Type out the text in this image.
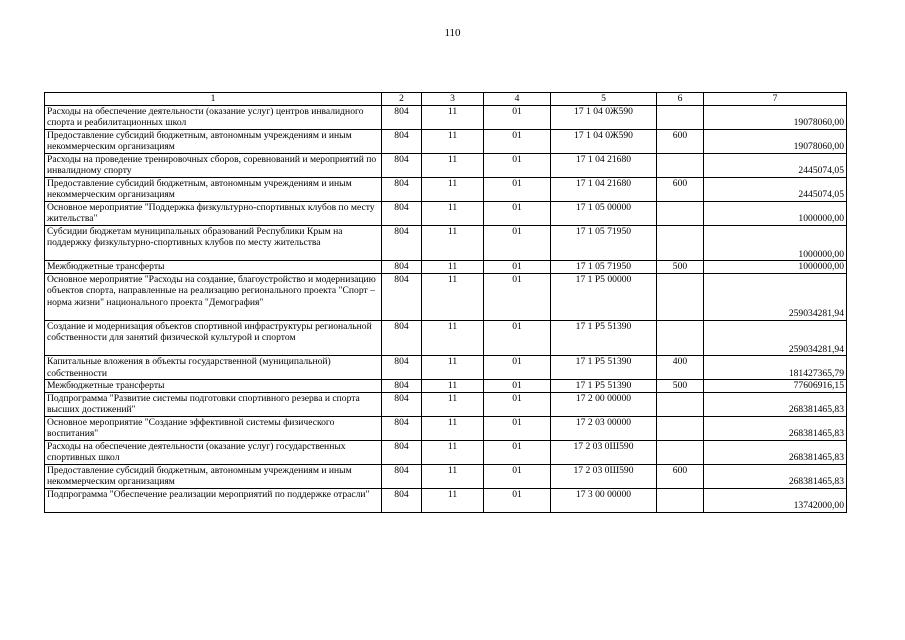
110
1	2	3	4	5	6	7
Расходы на обеспечение деятельности (оказание услуг) центров инвалидного спорта и реабилитационных школ	804	11	01	17 1 04 0Ж590		19078060,00
Предоставление субсидий бюджетным, автономным учреждениям и иным некоммерческим организациям	804	11	01	17 1 04 0Ж590	600	19078060,00
Расходы на проведение тренировочных сборов, соревнований и мероприятий по инвалидному спорту	804	11	01	17 1 04 21680		2445074,05
Предоставление субсидий бюджетным, автономным учреждениям и иным некоммерческим организациям	804	11	01	17 1 04 21680	600	2445074,05
Основное мероприятие "Поддержка физкультурно-спортивных клубов по месту жительства"	804	11	01	17 1 05 00000		1000000,00
Субсидии бюджетам муниципальных образований Республики Крым на поддержку физкультурно-спортивных клубов по месту жительства	804	11	01	17 1 05 71950		1000000,00
Межбюджетные трансферты	804	11	01	17 1 05 71950	500	1000000,00
Основное мероприятие "Расходы на создание, благоустройство и модернизацию объектов спорта, направленные на реализацию регионального проекта "Спорт – норма жизни" национального проекта "Демография"	804	11	01	17 1 P5 00000		259034281,94
Создание и модернизация объектов спортивной инфраструктуры региональной собственности для занятий физической культурой и спортом	804	11	01	17 1 P5 51390		259034281,94
Капитальные вложения в объекты государственной (муниципальной) собственности	804	11	01	17 1 P5 51390	400	181427365,79
Межбюджетные трансферты	804	11	01	17 1 P5 51390	500	77606916,15
Подпрограмма "Развитие системы подготовки спортивного резерва и спорта высших достижений"	804	11	01	17 2 00 00000		268381465,83
Основное мероприятие "Создание эффективной системы физического воспитания"	804	11	01	17 2 03 00000		268381465,83
Расходы на обеспечение деятельности (оказание услуг) государственных спортивных школ	804	11	01	17 2 03 0Ш590		268381465,83
Предоставление субсидий бюджетным, автономным учреждениям и иным некоммерческим организациям	804	11	01	17 2 03 0Ш590	600	268381465,83
Подпрограмма "Обеспечение реализации мероприятий по поддержке отрасли"	804	11	01	17 3 00 00000		13742000,00
